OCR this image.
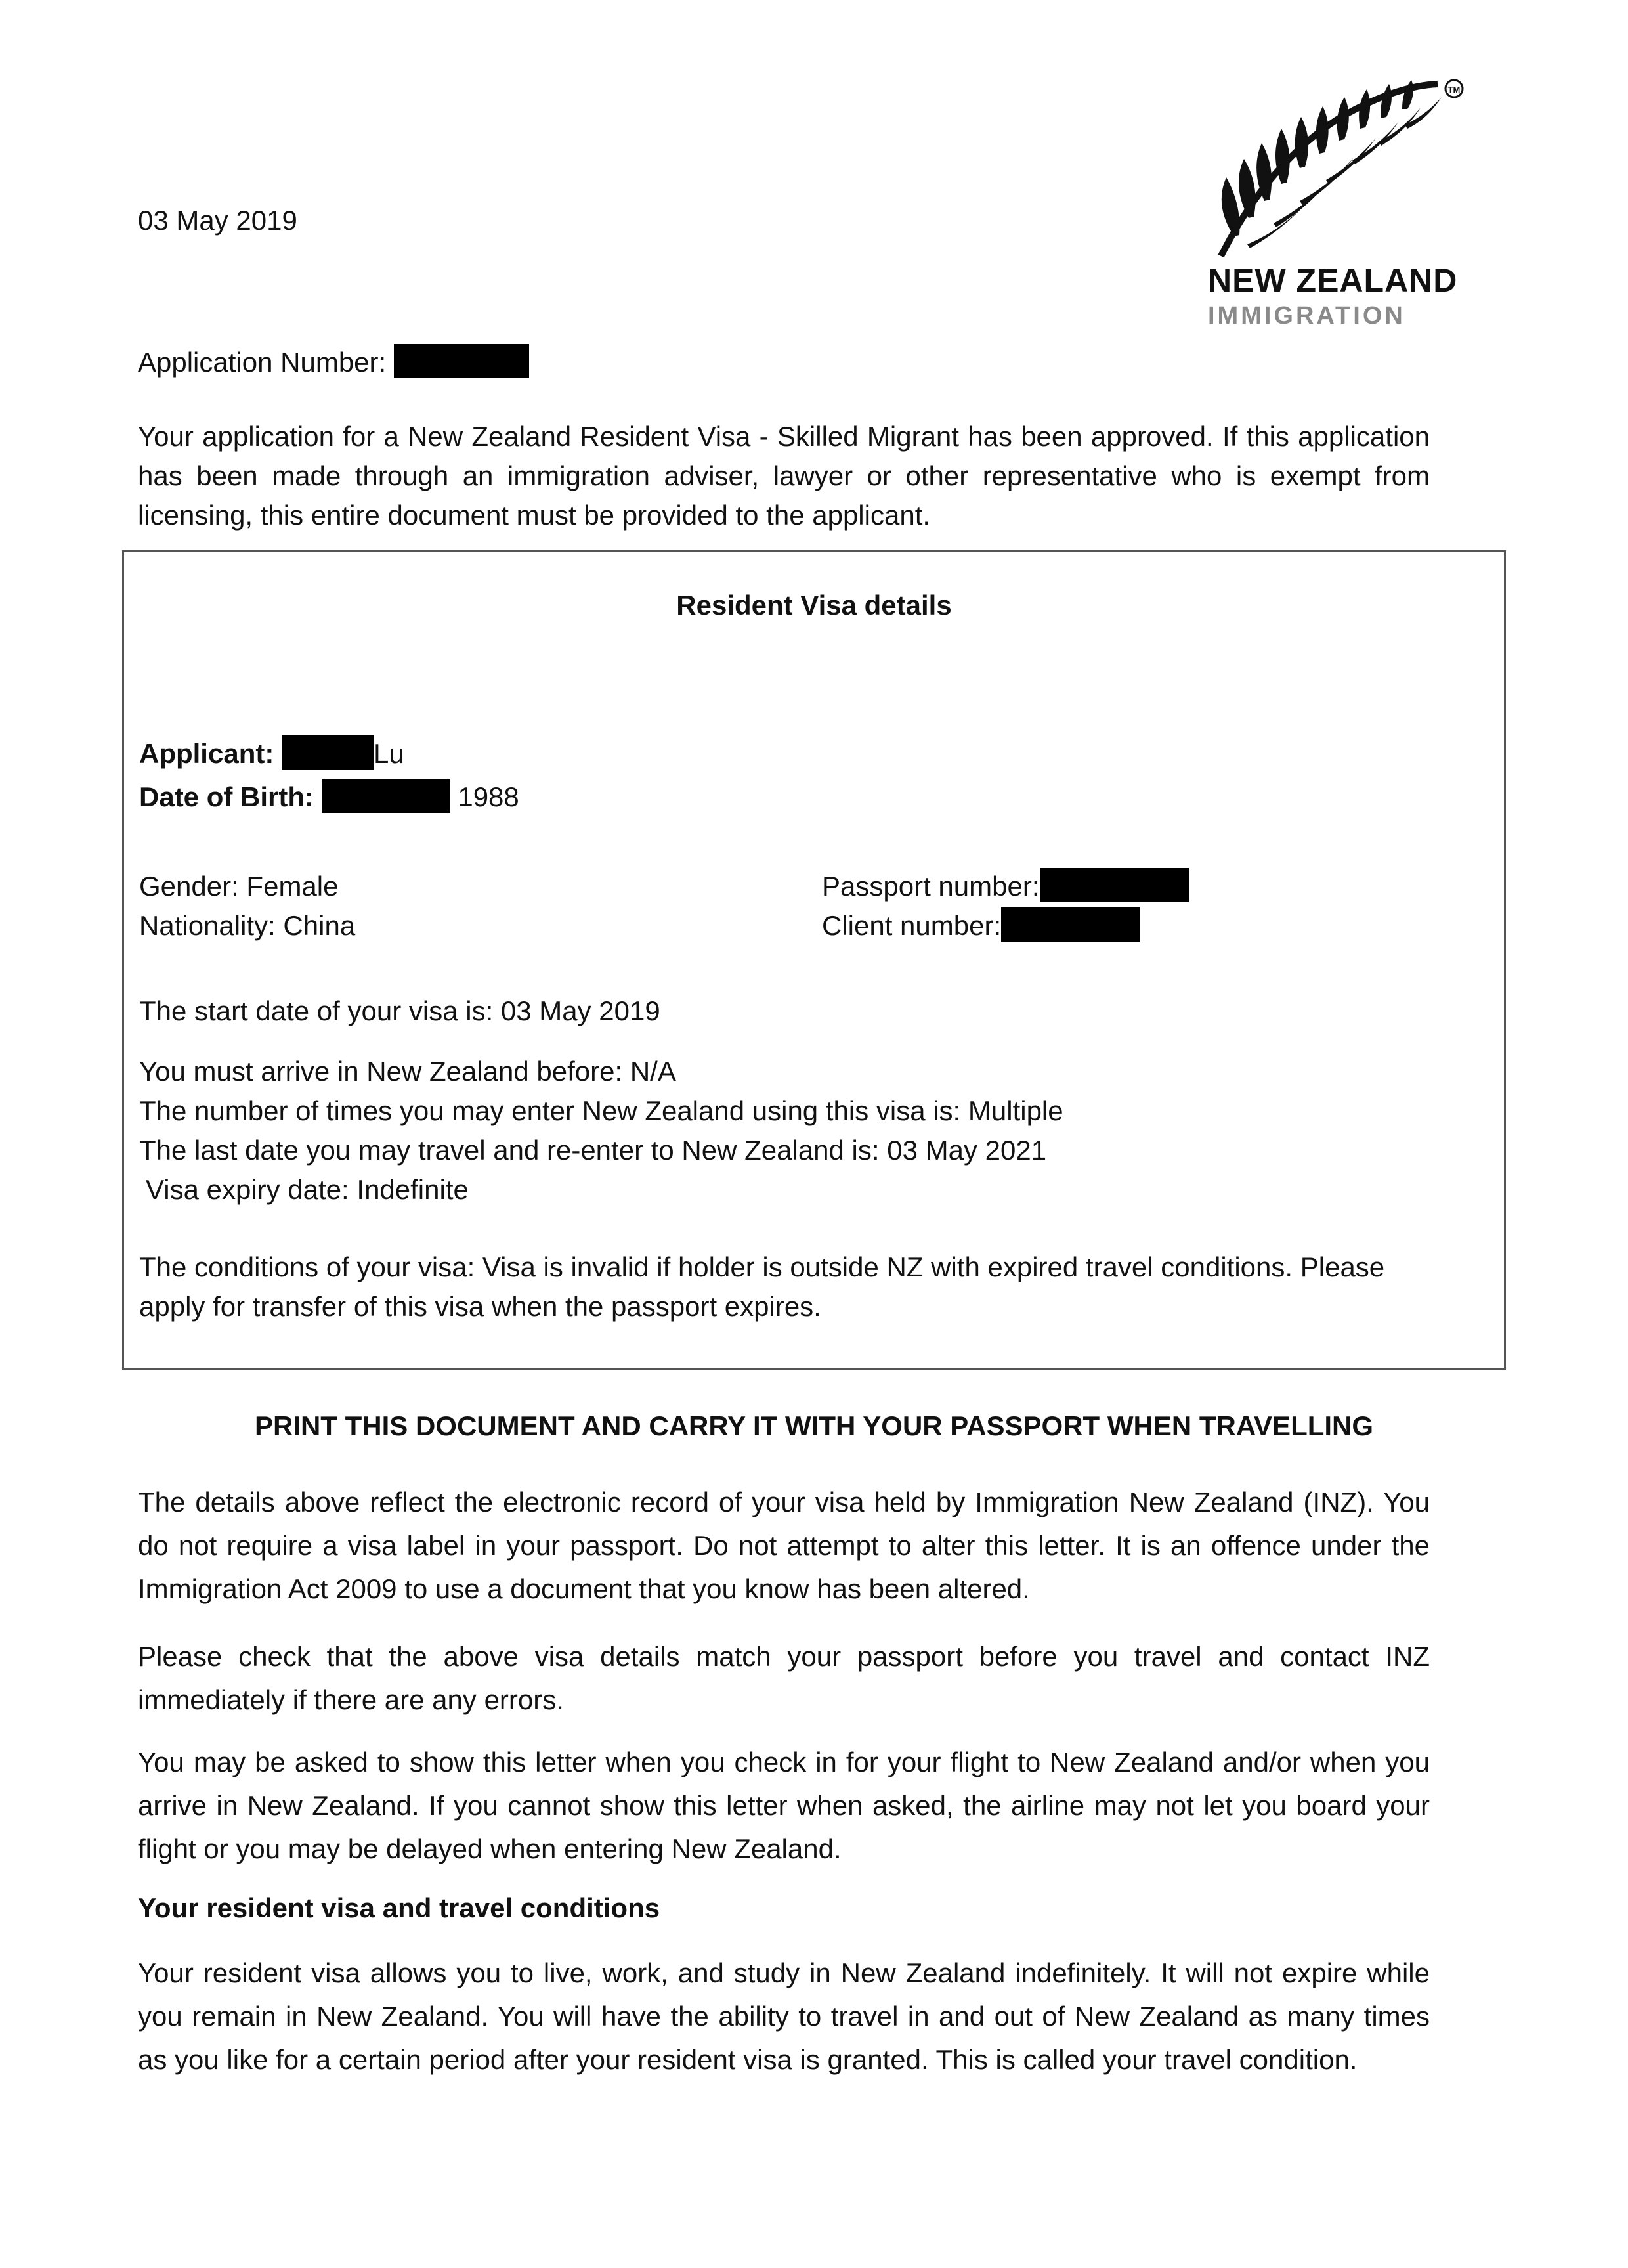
TM
NEW ZEALAND
IMMIGRATION
03 May 2019
Application Number:
Your application for a New Zealand Resident Visa - Skilled Migrant has been approved. If this application has been made through an immigration adviser, lawyer or other representative who is exempt from licensing, this entire document must be provided to the applicant.
Resident Visa details
Applicant:	Lu
Date of Birth:	1988
Gender: Female
Nationality: China
Passport number:
Client number:
The start date of your visa is: 03 May 2019
You must arrive in New Zealand before: N/A
The number of times you may enter New Zealand using this visa is: Multiple
The last date you may travel and re-enter to New Zealand is: 03 May 2021
Visa expiry date: Indefinite
The conditions of your visa: Visa is invalid if holder is outside NZ with expired travel conditions. Please apply for transfer of this visa when the passport expires.
PRINT THIS DOCUMENT AND CARRY IT WITH YOUR PASSPORT WHEN TRAVELLING
The details above reflect the electronic record of your visa held by Immigration New Zealand (INZ). You do not require a visa label in your passport. Do not attempt to alter this letter. It is an offence under the Immigration Act 2009 to use a document that you know has been altered.
Please check that the above visa details match your passport before you travel and contact INZ immediately if there are any errors.
You may be asked to show this letter when you check in for your flight to New Zealand and/or when you arrive in New Zealand. If you cannot show this letter when asked, the airline may not let you board your flight or you may be delayed when entering New Zealand.
Your resident visa and travel conditions
Your resident visa allows you to live, work, and study in New Zealand indefinitely. It will not expire while you remain in New Zealand. You will have the ability to travel in and out of New Zealand as many times as you like for a certain period after your resident visa is granted. This is called your travel condition.
